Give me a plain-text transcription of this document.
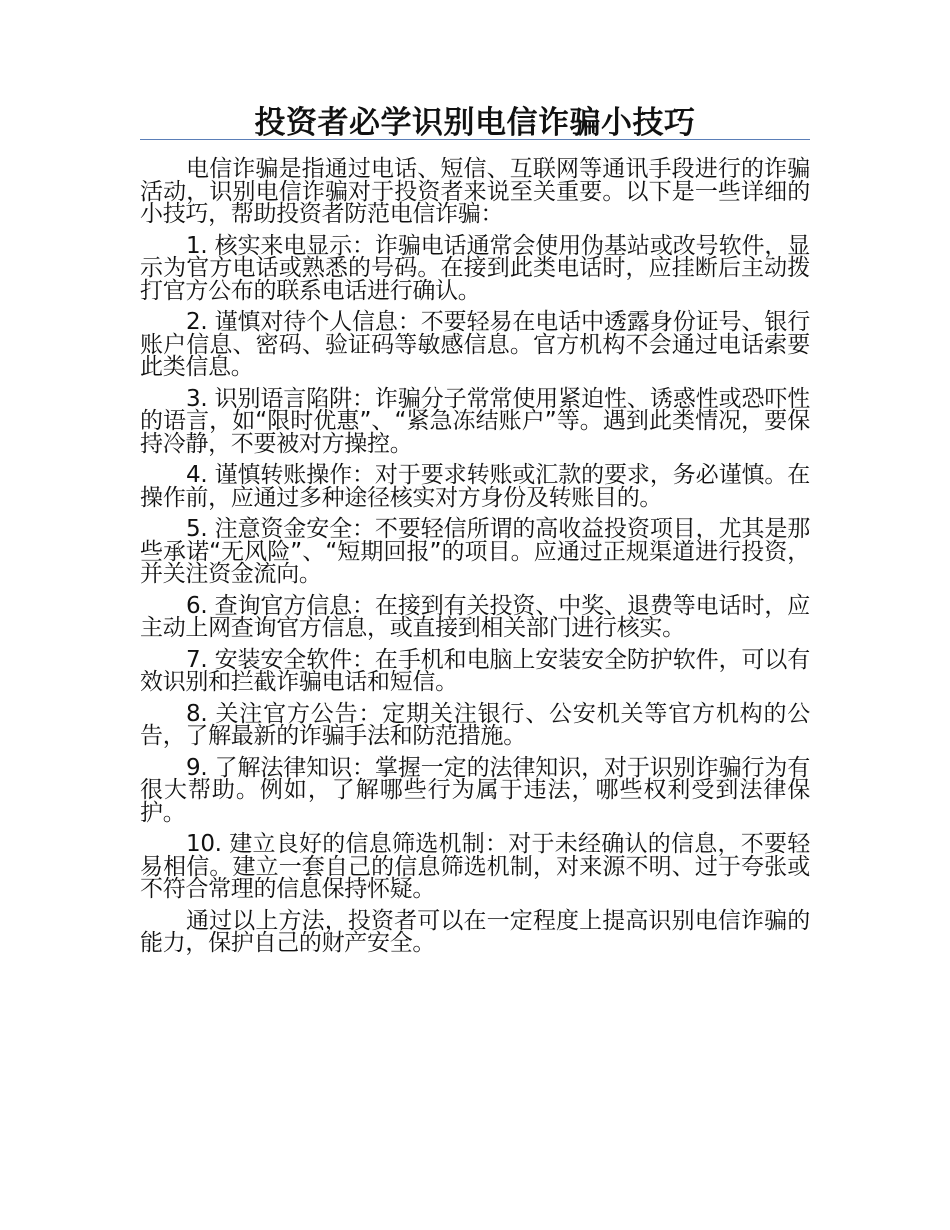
投资者必学识别电信诈骗小技巧

电信诈骗是指通过电话、短信、互联网等通讯手段进行的诈骗活动，识别电信诈骗对于投资者来说至关重要。以下是一些详细的小技巧，帮助投资者防范电信诈骗：

1. 核实来电显示：诈骗电话通常会使用伪基站或改号软件，显示为官方电话或熟悉的号码。在接到此类电话时，应挂断后主动拨打官方公布的联系电话进行确认。

2. 谨慎对待个人信息：不要轻易在电话中透露身份证号、银行账户信息、密码、验证码等敏感信息。官方机构不会通过电话索要此类信息。

3. 识别语言陷阱：诈骗分子常常使用紧迫性、诱惑性或恐吓性的语言，如“限时优惠”、“紧急冻结账户”等。遇到此类情况，要保持冷静，不要被对方操控。

4. 谨慎转账操作：对于要求转账或汇款的要求，务必谨慎。在操作前，应通过多种途径核实对方身份及转账目的。

5. 注意资金安全：不要轻信所谓的高收益投资项目，尤其是那些承诺“无风险”、“短期回报”的项目。应通过正规渠道进行投资，并关注资金流向。

6. 查询官方信息：在接到有关投资、中奖、退费等电话时，应主动上网查询官方信息，或直接到相关部门进行核实。

7. 安装安全软件：在手机和电脑上安装安全防护软件，可以有效识别和拦截诈骗电话和短信。

8. 关注官方公告：定期关注银行、公安机关等官方机构的公告，了解最新的诈骗手法和防范措施。

9. 了解法律知识：掌握一定的法律知识，对于识别诈骗行为有很大帮助。例如，了解哪些行为属于违法，哪些权利受到法律保护。

10. 建立良好的信息筛选机制：对于未经确认的信息，不要轻易相信。建立一套自己的信息筛选机制，对来源不明、过于夸张或不符合常理的信息保持怀疑。

通过以上方法，投资者可以在一定程度上提高识别电信诈骗的能力，保护自己的财产安全。
